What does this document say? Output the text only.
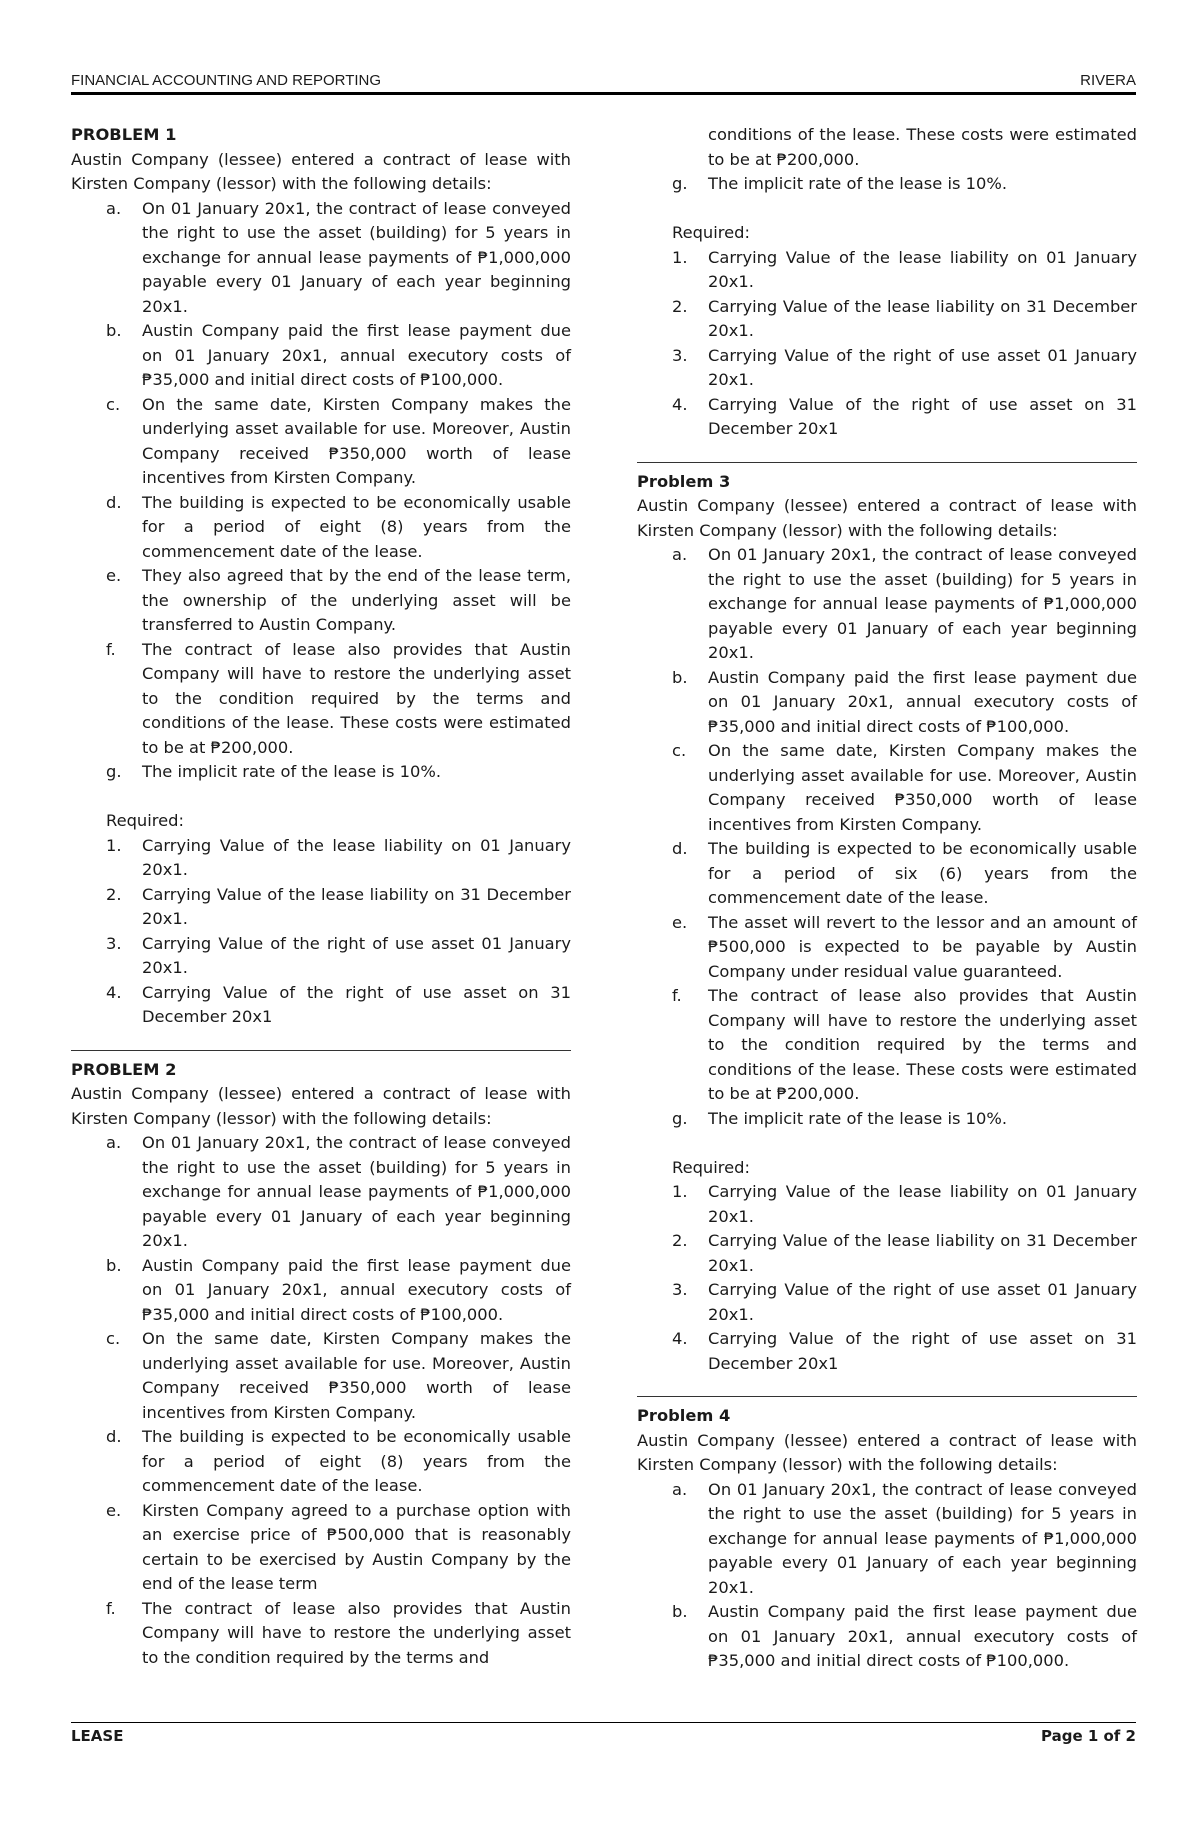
FINANCIAL ACCOUNTING AND REPORTING	RIVERA

PROBLEM 1

Austin Company (lessee) entered a contract of lease with Kirsten Company (lessor) with the following details:

a. On 01 January 20x1, the contract of lease conveyed the right to use the asset (building) for 5 years in exchange for annual lease payments of ₱1,000,000 payable every 01 January of each year beginning 20x1.
b. Austin Company paid the first lease payment due on 01 January 20x1, annual executory costs of ₱35,000 and initial direct costs of ₱100,000.
c. On the same date, Kirsten Company makes the underlying asset available for use. Moreover, Austin Company received ₱350,000 worth of lease incentives from Kirsten Company.
d. The building is expected to be economically usable for a period of eight (8) years from the commencement date of the lease.
e. They also agreed that by the end of the lease term, the ownership of the underlying asset will be transferred to Austin Company.
f. The contract of lease also provides that Austin Company will have to restore the underlying asset to the condition required by the terms and conditions of the lease. These costs were estimated to be at ₱200,000.
g. The implicit rate of the lease is 10%.

Required:

1. Carrying Value of the lease liability on 01 January 20x1.
2. Carrying Value of the lease liability on 31 December 20x1.
3. Carrying Value of the right of use asset 01 January 20x1.
4. Carrying Value of the right of use asset on 31 December 20x1

PROBLEM 2

Austin Company (lessee) entered a contract of lease with Kirsten Company (lessor) with the following details:

a. On 01 January 20x1, the contract of lease conveyed the right to use the asset (building) for 5 years in exchange for annual lease payments of ₱1,000,000 payable every 01 January of each year beginning 20x1.
b. Austin Company paid the first lease payment due on 01 January 20x1, annual executory costs of ₱35,000 and initial direct costs of ₱100,000.
c. On the same date, Kirsten Company makes the underlying asset available for use. Moreover, Austin Company received ₱350,000 worth of lease incentives from Kirsten Company.
d. The building is expected to be economically usable for a period of eight (8) years from the commencement date of the lease.
e. Kirsten Company agreed to a purchase option with an exercise price of ₱500,000 that is reasonably certain to be exercised by Austin Company by the end of the lease term
f. The contract of lease also provides that Austin Company will have to restore the underlying asset to the condition required by the terms and
conditions of the lease. These costs were estimated to be at ₱200,000.
g. The implicit rate of the lease is 10%.

Required:

1. Carrying Value of the lease liability on 01 January 20x1.
2. Carrying Value of the lease liability on 31 December 20x1.
3. Carrying Value of the right of use asset 01 January 20x1.
4. Carrying Value of the right of use asset on 31 December 20x1

Problem 3

Austin Company (lessee) entered a contract of lease with Kirsten Company (lessor) with the following details:

a. On 01 January 20x1, the contract of lease conveyed the right to use the asset (building) for 5 years in exchange for annual lease payments of ₱1,000,000 payable every 01 January of each year beginning 20x1.
b. Austin Company paid the first lease payment due on 01 January 20x1, annual executory costs of ₱35,000 and initial direct costs of ₱100,000.
c. On the same date, Kirsten Company makes the underlying asset available for use. Moreover, Austin Company received ₱350,000 worth of lease incentives from Kirsten Company.
d. The building is expected to be economically usable for a period of six (6) years from the commencement date of the lease.
e. The asset will revert to the lessor and an amount of ₱500,000 is expected to be payable by Austin Company under residual value guaranteed.
f. The contract of lease also provides that Austin Company will have to restore the underlying asset to the condition required by the terms and conditions of the lease. These costs were estimated to be at ₱200,000.
g. The implicit rate of the lease is 10%.

Required:

1. Carrying Value of the lease liability on 01 January 20x1.
2. Carrying Value of the lease liability on 31 December 20x1.
3. Carrying Value of the right of use asset 01 January 20x1.
4. Carrying Value of the right of use asset on 31 December 20x1

Problem 4

Austin Company (lessee) entered a contract of lease with Kirsten Company (lessor) with the following details:

a. On 01 January 20x1, the contract of lease conveyed the right to use the asset (building) for 5 years in exchange for annual lease payments of ₱1,000,000 payable every 01 January of each year beginning 20x1.
b. Austin Company paid the first lease payment due on 01 January 20x1, annual executory costs of ₱35,000 and initial direct costs of ₱100,000.
LEASE	Page 1 of 2
